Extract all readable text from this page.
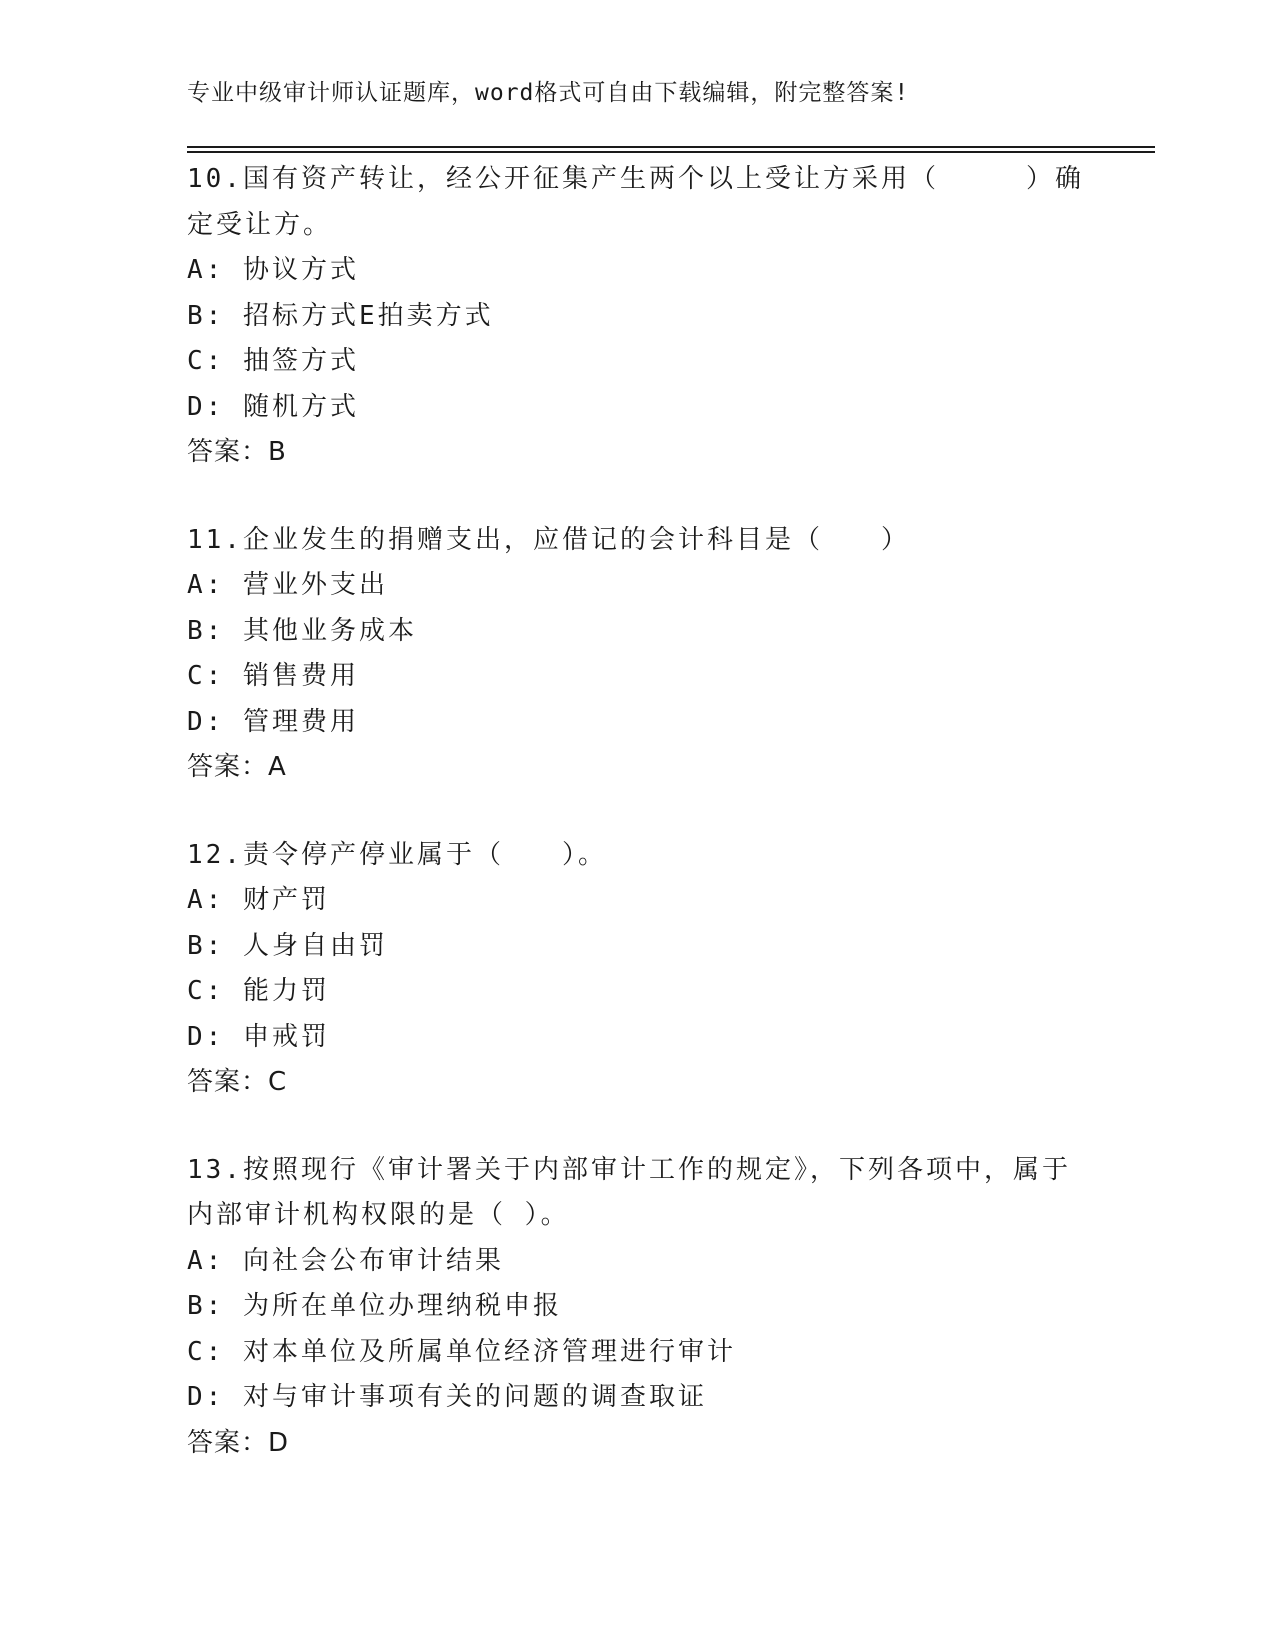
专业中级审计师认证题库，word格式可自由下载编辑，附完整答案!
10.国有资产转让，经公开征集产生两个以上受让方采用（　　　）确
定受让方。
A: 协议方式
B: 招标方式E拍卖方式
C: 抽签方式
D: 随机方式
答案：B
11.企业发生的捐赠支出，应借记的会计科目是（　　）
A: 营业外支出
B: 其他业务成本
C: 销售费用
D: 管理费用
答案：A
12.责令停产停业属于（　　）。
A: 财产罚
B: 人身自由罚
C: 能力罚
D: 申戒罚
答案：C
13.按照现行《审计署关于内部审计工作的规定》，下列各项中，属于
内部审计机构权限的是（ ）。
A: 向社会公布审计结果
B: 为所在单位办理纳税申报
C: 对本单位及所属单位经济管理进行审计
D: 对与审计事项有关的问题的调查取证
答案：D
